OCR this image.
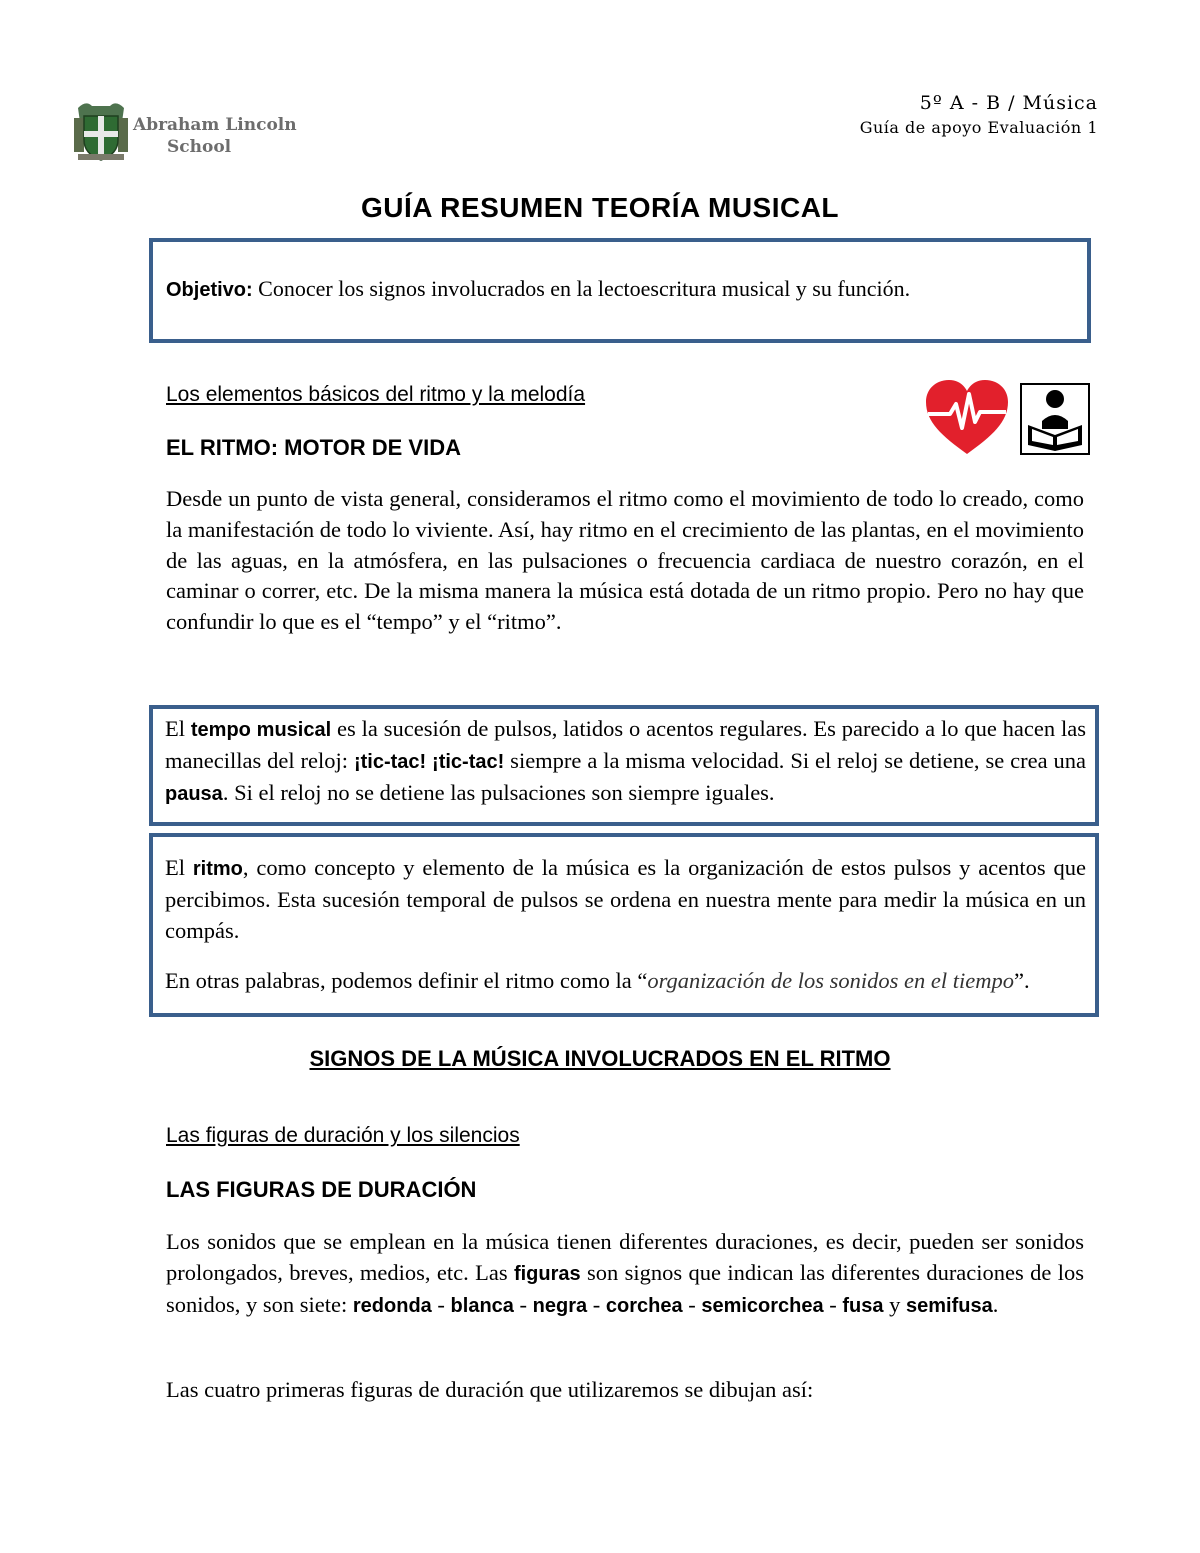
Abraham Lincoln
School
5º A - B / Música
Guía de apoyo Evaluación 1
GUÍA RESUMEN TEORÍA MUSICAL
Objetivo: Conocer los signos involucrados en la lectoescritura musical y su función.
Los elementos básicos del ritmo y la melodía
EL RITMO: MOTOR DE VIDA
Desde un punto de vista general, consideramos el ritmo como el movimiento de todo lo creado, como la manifestación de todo lo viviente. Así, hay ritmo en el crecimiento de las plantas, en el movimiento de las aguas, en la atmósfera, en las pulsaciones o frecuencia cardiaca de nuestro corazón, en el caminar o correr, etc. De la misma manera la música está dotada de un ritmo propio. Pero no hay que confundir lo que es el “tempo” y el “ritmo”.
El tempo musical es la sucesión de pulsos, latidos o acentos regulares. Es parecido a lo que hacen las manecillas del reloj: ¡tic-tac! ¡tic-tac! siempre a la misma velocidad. Si el reloj se detiene, se crea una pausa. Si el reloj no se detiene las pulsaciones son siempre iguales.
El ritmo, como concepto y elemento de la música es la organización de estos pulsos y acentos que percibimos. Esta sucesión temporal de pulsos se ordena en nuestra mente para medir la música en un compás.
En otras palabras, podemos definir el ritmo como la “organización de los sonidos en el tiempo”.
SIGNOS DE LA MÚSICA INVOLUCRADOS EN EL RITMO
Las figuras de duración y los silencios
LAS FIGURAS DE DURACIÓN
Los sonidos que se emplean en la música tienen diferentes duraciones, es decir, pueden ser sonidos prolongados, breves, medios, etc. Las figuras son signos que indican las diferentes duraciones de los sonidos, y son siete: redonda - blanca - negra - corchea - semicorchea - fusa y semifusa.
Las cuatro primeras figuras de duración que utilizaremos se dibujan así:
